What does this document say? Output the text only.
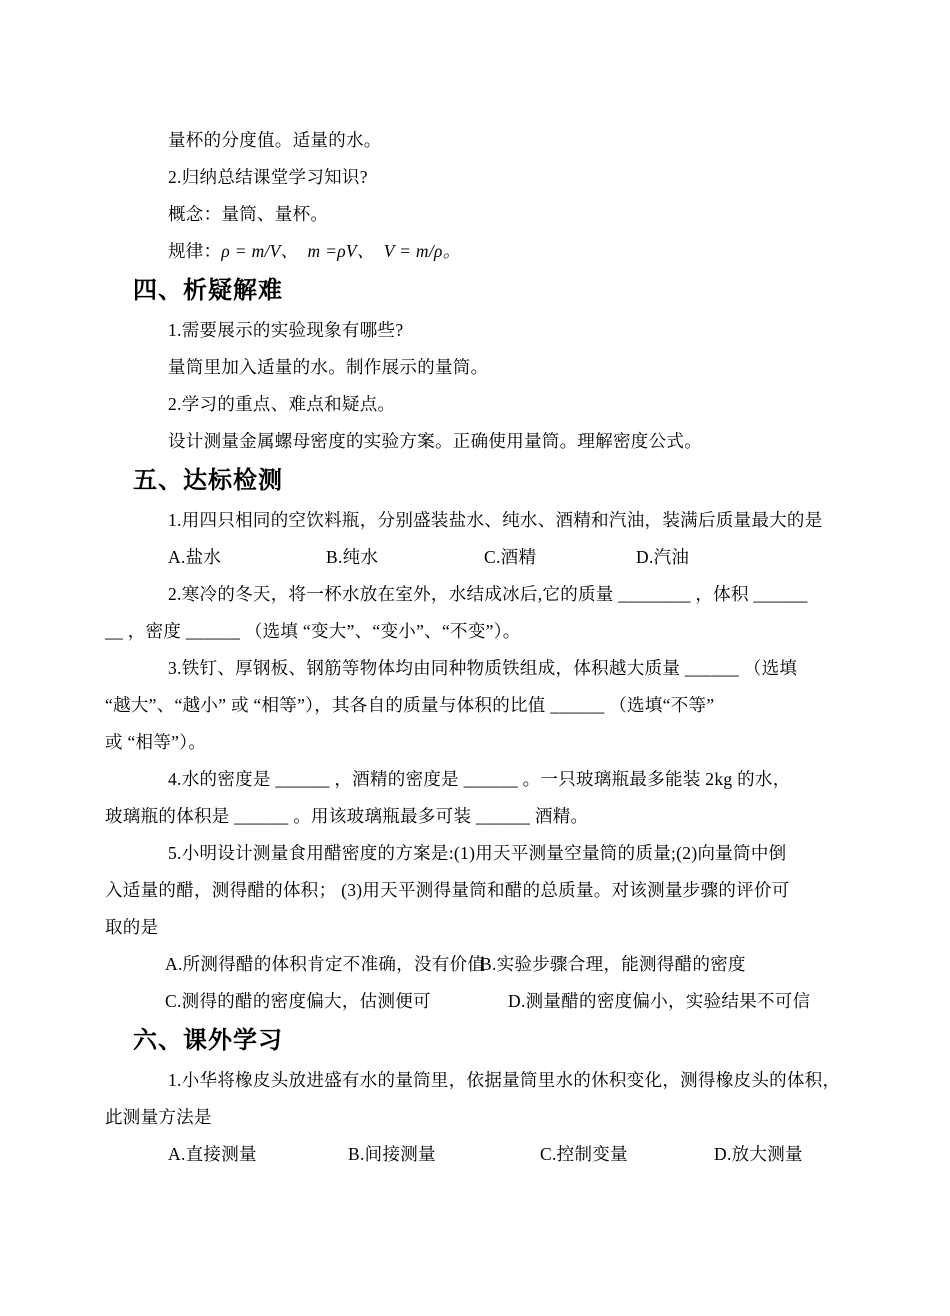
量杯的分度值。适量的水。
2.归纳总结课堂学习知识?
概念：量筒、量杯。
规律：ρ = m/V、　m =ρV、　V = m/ρ。
四、析疑解难
1.需要展示的实验现象有哪些?
量筒里加入适量的水。制作展示的量筒。
2.学习的重点、难点和疑点。
设计测量金属螺母密度的实验方案。正确使用量筒。理解密度公式。
五、达标检测
1.用四只相同的空饮料瓶，分别盛装盐水、纯水、酒精和汽油，装满后质量最大的是
A.盐水	B.纯水	C.酒精	D.汽油
2.寒冷的冬天，将一杯水放在室外，水结成冰后,它的质量 ________ ，体积 ______
__ ，密度 ______ （选填 “变大”、“变小”、“不变”）。
3.铁钉、厚钢板、钢筋等物体均由同种物质铁组成，体积越大质量 ______ （选填
“越大”、“越小” 或 “相等”），其各自的质量与体积的比值 ______ （选填“不等”
或 “相等”）。
4.水的密度是 ______ ，酒精的密度是 ______ 。一只玻璃瓶最多能装 2kg 的水，
玻璃瓶的体积是 ______ 。用该玻璃瓶最多可装 ______ 酒精。
5.小明设计测量食用醋密度的方案是:(1)用天平测量空量筒的质量;(2)向量筒中倒
入适量的醋，测得醋的体积； (3)用天平测得量筒和醋的总质量。对该测量步骤的评价可
取的是
A.所测得醋的体积肯定不准确，没有价值
B.实验步骤合理，能测得醋的密度
C.测得的醋的密度偏大，估测便可	D.测量醋的密度偏小，实验结果不可信
六、课外学习
1.小华将橡皮头放进盛有水的量筒里，依据量筒里水的休积变化，测得橡皮头的体积，
此测量方法是
A.直接测量	B.间接测量	C.控制变量	D.放大测量
